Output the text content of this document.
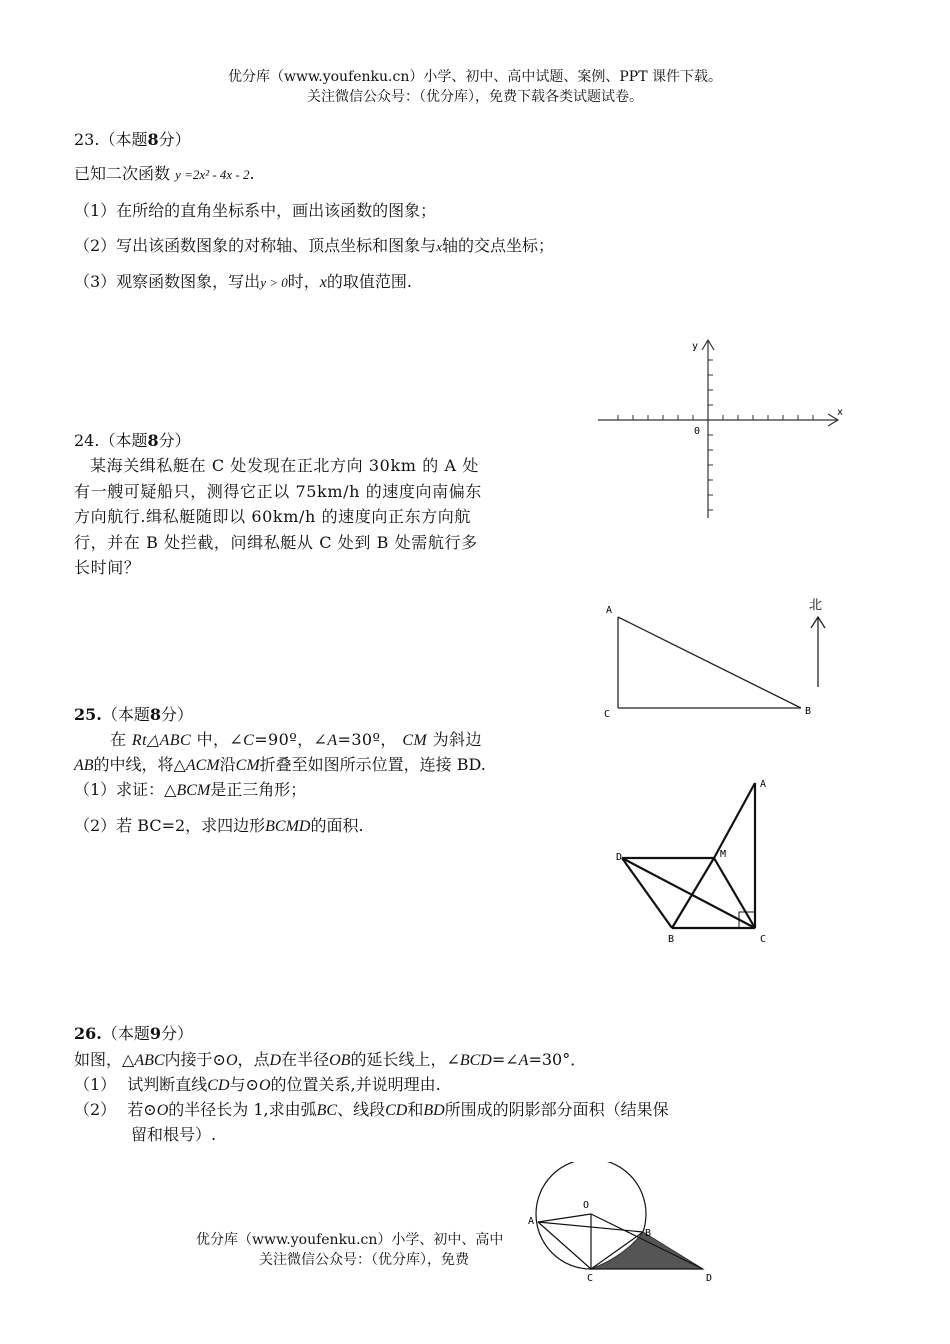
优分库（www.youfenku.cn）小学、初中、高中试题、案例、PPT 课件下载。
关注微信公众号：（优分库），免费下载各类试题试卷。
23.（本题8分）
已知二次函数 y =2x² - 4x - 2.
（1）在所给的直角坐标系中，画出该函数的图象；
（2）写出该函数图象的对称轴、顶点坐标和图象与x轴的交点坐标；
（3）观察函数图象，写出y > 0时，x的取值范围.
y
x
0
24.（本题8分）
某海关缉私艇在 C 处发现在正北方向 30km 的 A 处
有一艘可疑船只，测得它正以 75km/h 的速度向南偏东
方向航行.缉私艇随即以 60km/h 的速度向正东方向航
行，并在 B 处拦截，问缉私艇从 C 处到 B 处需航行多
长时间？
A
C	B
北
25.（本题8分）
在 Rt△ABC 中，∠C=90º，∠A=30º， CM 为斜边
AB的中线，将△ACM沿CM折叠至如图所示位置，连接 BD.
（1）求证：△BCM是正三角形；
（2）若 BC=2，求四边形BCMD的面积.
A
D	M
B	C
26.（本题9分）
如图，△ABC内接于⊙O，点D在半径OB的延长线上，∠BCD=∠A=30°．
（1） 试判断直线CD与⊙O的位置关系,并说明理由.
（2） 若⊙O的半径长为 1,求由弧BC、线段CD和BD所围成的阴影部分面积（结果保
留和根号）.
O
A
B
C	D
优分库（www.youfenku.cn）小学、初中、高中
关注微信公众号：（优分库），免费
